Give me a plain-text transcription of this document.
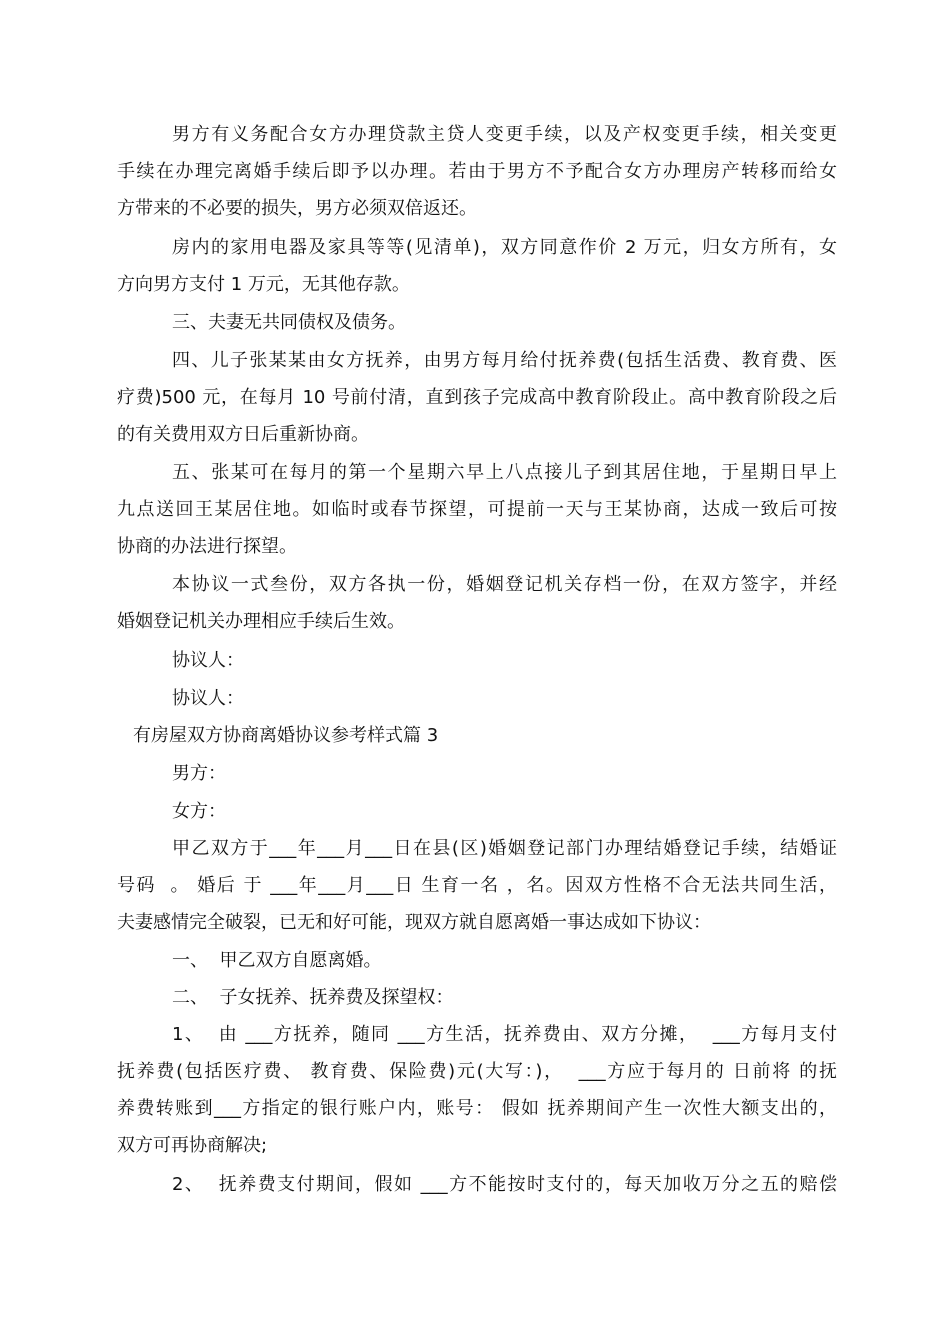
男方有义务配合女方办理贷款主贷人变更手续，以及产权变更手续，相关变更
手续在办理完离婚手续后即予以办理。若由于男方不予配合女方办理房产转移而给女
方带来的不必要的损失，男方必须双倍返还。
房内的家用电器及家具等等(见清单)，双方同意作价 2 万元，归女方所有，女
方向男方支付 1 万元，无其他存款。
三、夫妻无共同债权及债务。
四、儿子张某某由女方抚养，由男方每月给付抚养费(包括生活费、教育费、医
疗费)500 元，在每月 10 号前付清，直到孩子完成高中教育阶段止。高中教育阶段之后
的有关费用双方日后重新协商。
五、张某可在每月的第一个星期六早上八点接儿子到其居住地，于星期日早上
九点送回王某居住地。如临时或春节探望，可提前一天与王某协商，达成一致后可按
协商的办法进行探望。
本协议一式叁份，双方各执一份，婚姻登记机关存档一份，在双方签字，并经
婚姻登记机关办理相应手续后生效。
协议人：
协议人：
有房屋双方协商离婚协议参考样式篇 3
男方：
女方：
甲乙双方于___年___月___日在县(区)婚姻登记部门办理结婚登记手续，结婚证
号码  。 婚后 于 ___年___月___日 生育一名 ，名。因双方性格不合无法共同生活，
夫妻感情完全破裂，已无和好可能，现双方就自愿离婚一事达成如下协议：
一、  甲乙双方自愿离婚。
二、  子女抚养、抚养费及探望权：
1、  由 ___方抚养，随同 ___方生活，抚养费由、双方分摊，  ___方每月支付
抚养费(包括医疗费、 教育费、保险费)元(大写：)，  ___方应于每月的 日前将 的抚
养费转账到___方指定的银行账户内，账号： 假如 抚养期间产生一次性大额支出的，
双方可再协商解决;
2、  抚养费支付期间，假如 ___方不能按时支付的，每天加收万分之五的赔偿
